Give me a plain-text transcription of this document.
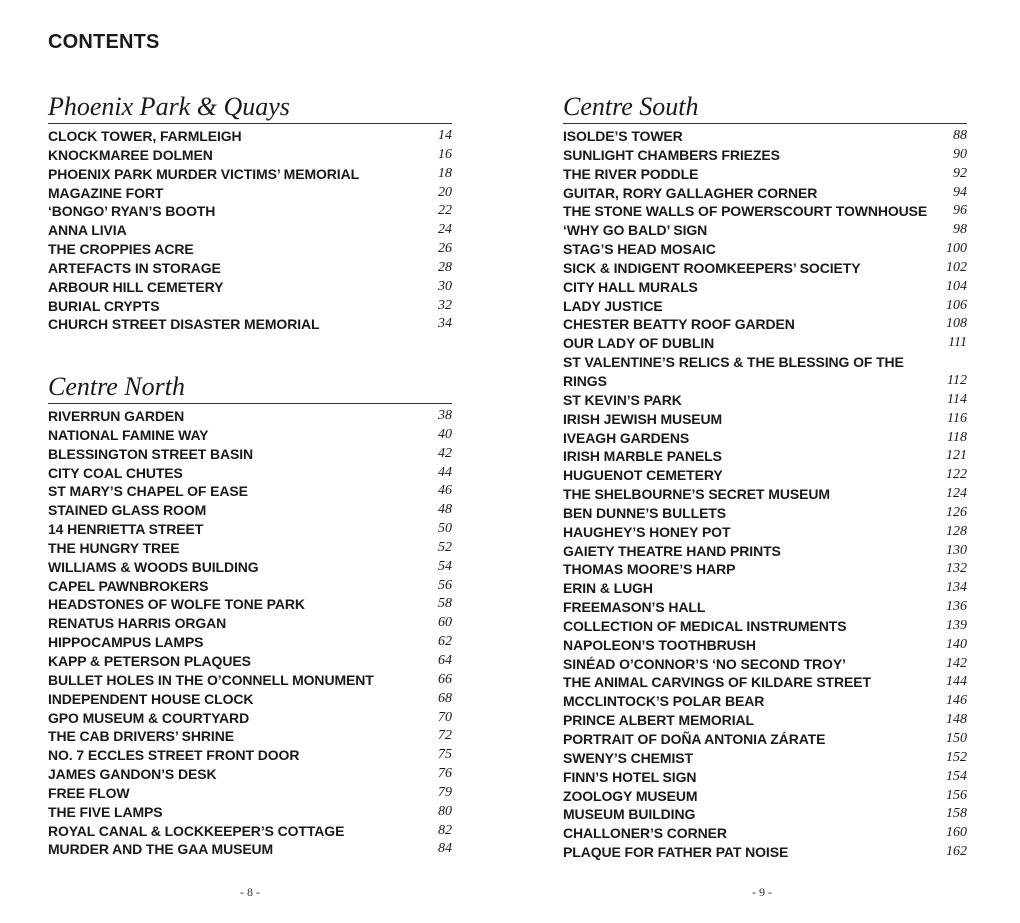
CONTENTS
Phoenix Park & Quays
CLOCK TOWER, FARMLEIGH	14
KNOCKMAREE DOLMEN	16
PHOENIX PARK MURDER VICTIMS’ MEMORIAL	18
MAGAZINE FORT	20
‘BONGO’ RYAN’S BOOTH	22
ANNA LIVIA	24
THE CROPPIES ACRE	26
ARTEFACTS IN STORAGE	28
ARBOUR HILL CEMETERY	30
BURIAL CRYPTS	32
CHURCH STREET DISASTER MEMORIAL	34
Centre North
RIVERRUN GARDEN	38
NATIONAL FAMINE WAY	40
BLESSINGTON STREET BASIN	42
CITY COAL CHUTES	44
ST MARY’S CHAPEL OF EASE	46
STAINED GLASS ROOM	48
14 HENRIETTA STREET	50
THE HUNGRY TREE	52
WILLIAMS & WOODS BUILDING	54
CAPEL PAWNBROKERS	56
HEADSTONES OF WOLFE TONE PARK	58
RENATUS HARRIS ORGAN	60
HIPPOCAMPUS LAMPS	62
KAPP & PETERSON PLAQUES	64
BULLET HOLES IN THE O’CONNELL MONUMENT	66
INDEPENDENT HOUSE CLOCK	68
GPO MUSEUM & COURTYARD	70
THE CAB DRIVERS’ SHRINE	72
NO. 7 ECCLES STREET FRONT DOOR	75
JAMES GANDON’S DESK	76
FREE FLOW	79
THE FIVE LAMPS	80
ROYAL CANAL & LOCKKEEPER’S COTTAGE	82
MURDER AND THE GAA MUSEUM	84
Centre South
ISOLDE’S TOWER	88
SUNLIGHT CHAMBERS FRIEZES	90
THE RIVER PODDLE	92
GUITAR, RORY GALLAGHER CORNER	94
THE STONE WALLS OF POWERSCOURT TOWNHOUSE	96
‘WHY GO BALD’ SIGN	98
STAG’S HEAD MOSAIC	100
SICK & INDIGENT ROOMKEEPERS’ SOCIETY	102
CITY HALL MURALS	104
LADY JUSTICE	106
CHESTER BEATTY ROOF GARDEN	108
OUR LADY OF DUBLIN	111
ST VALENTINE’S RELICS & THE BLESSING OF THE RINGS	112
ST KEVIN’S PARK	114
IRISH JEWISH MUSEUM	116
IVEAGH GARDENS	118
IRISH MARBLE PANELS	121
HUGUENOT CEMETERY	122
THE SHELBOURNE’S SECRET MUSEUM	124
BEN DUNNE’S BULLETS	126
HAUGHEY’S HONEY POT	128
GAIETY THEATRE HAND PRINTS	130
THOMAS MOORE’S HARP	132
ERIN & LUGH	134
FREEMASON’S HALL	136
COLLECTION OF MEDICAL INSTRUMENTS	139
NAPOLEON’S TOOTHBRUSH	140
SINÉAD O’CONNOR’S ‘NO SECOND TROY’	142
THE ANIMAL CARVINGS OF KILDARE STREET	144
MCCLINTOCK’S POLAR BEAR	146
PRINCE ALBERT MEMORIAL	148
PORTRAIT OF DOÑA ANTONIA ZÁRATE	150
SWENY’S CHEMIST	152
FINN’S HOTEL SIGN	154
ZOOLOGY MUSEUM	156
MUSEUM BUILDING	158
CHALLONER’S CORNER	160
PLAQUE FOR FATHER PAT NOISE	162
- 8 -	- 9 -
